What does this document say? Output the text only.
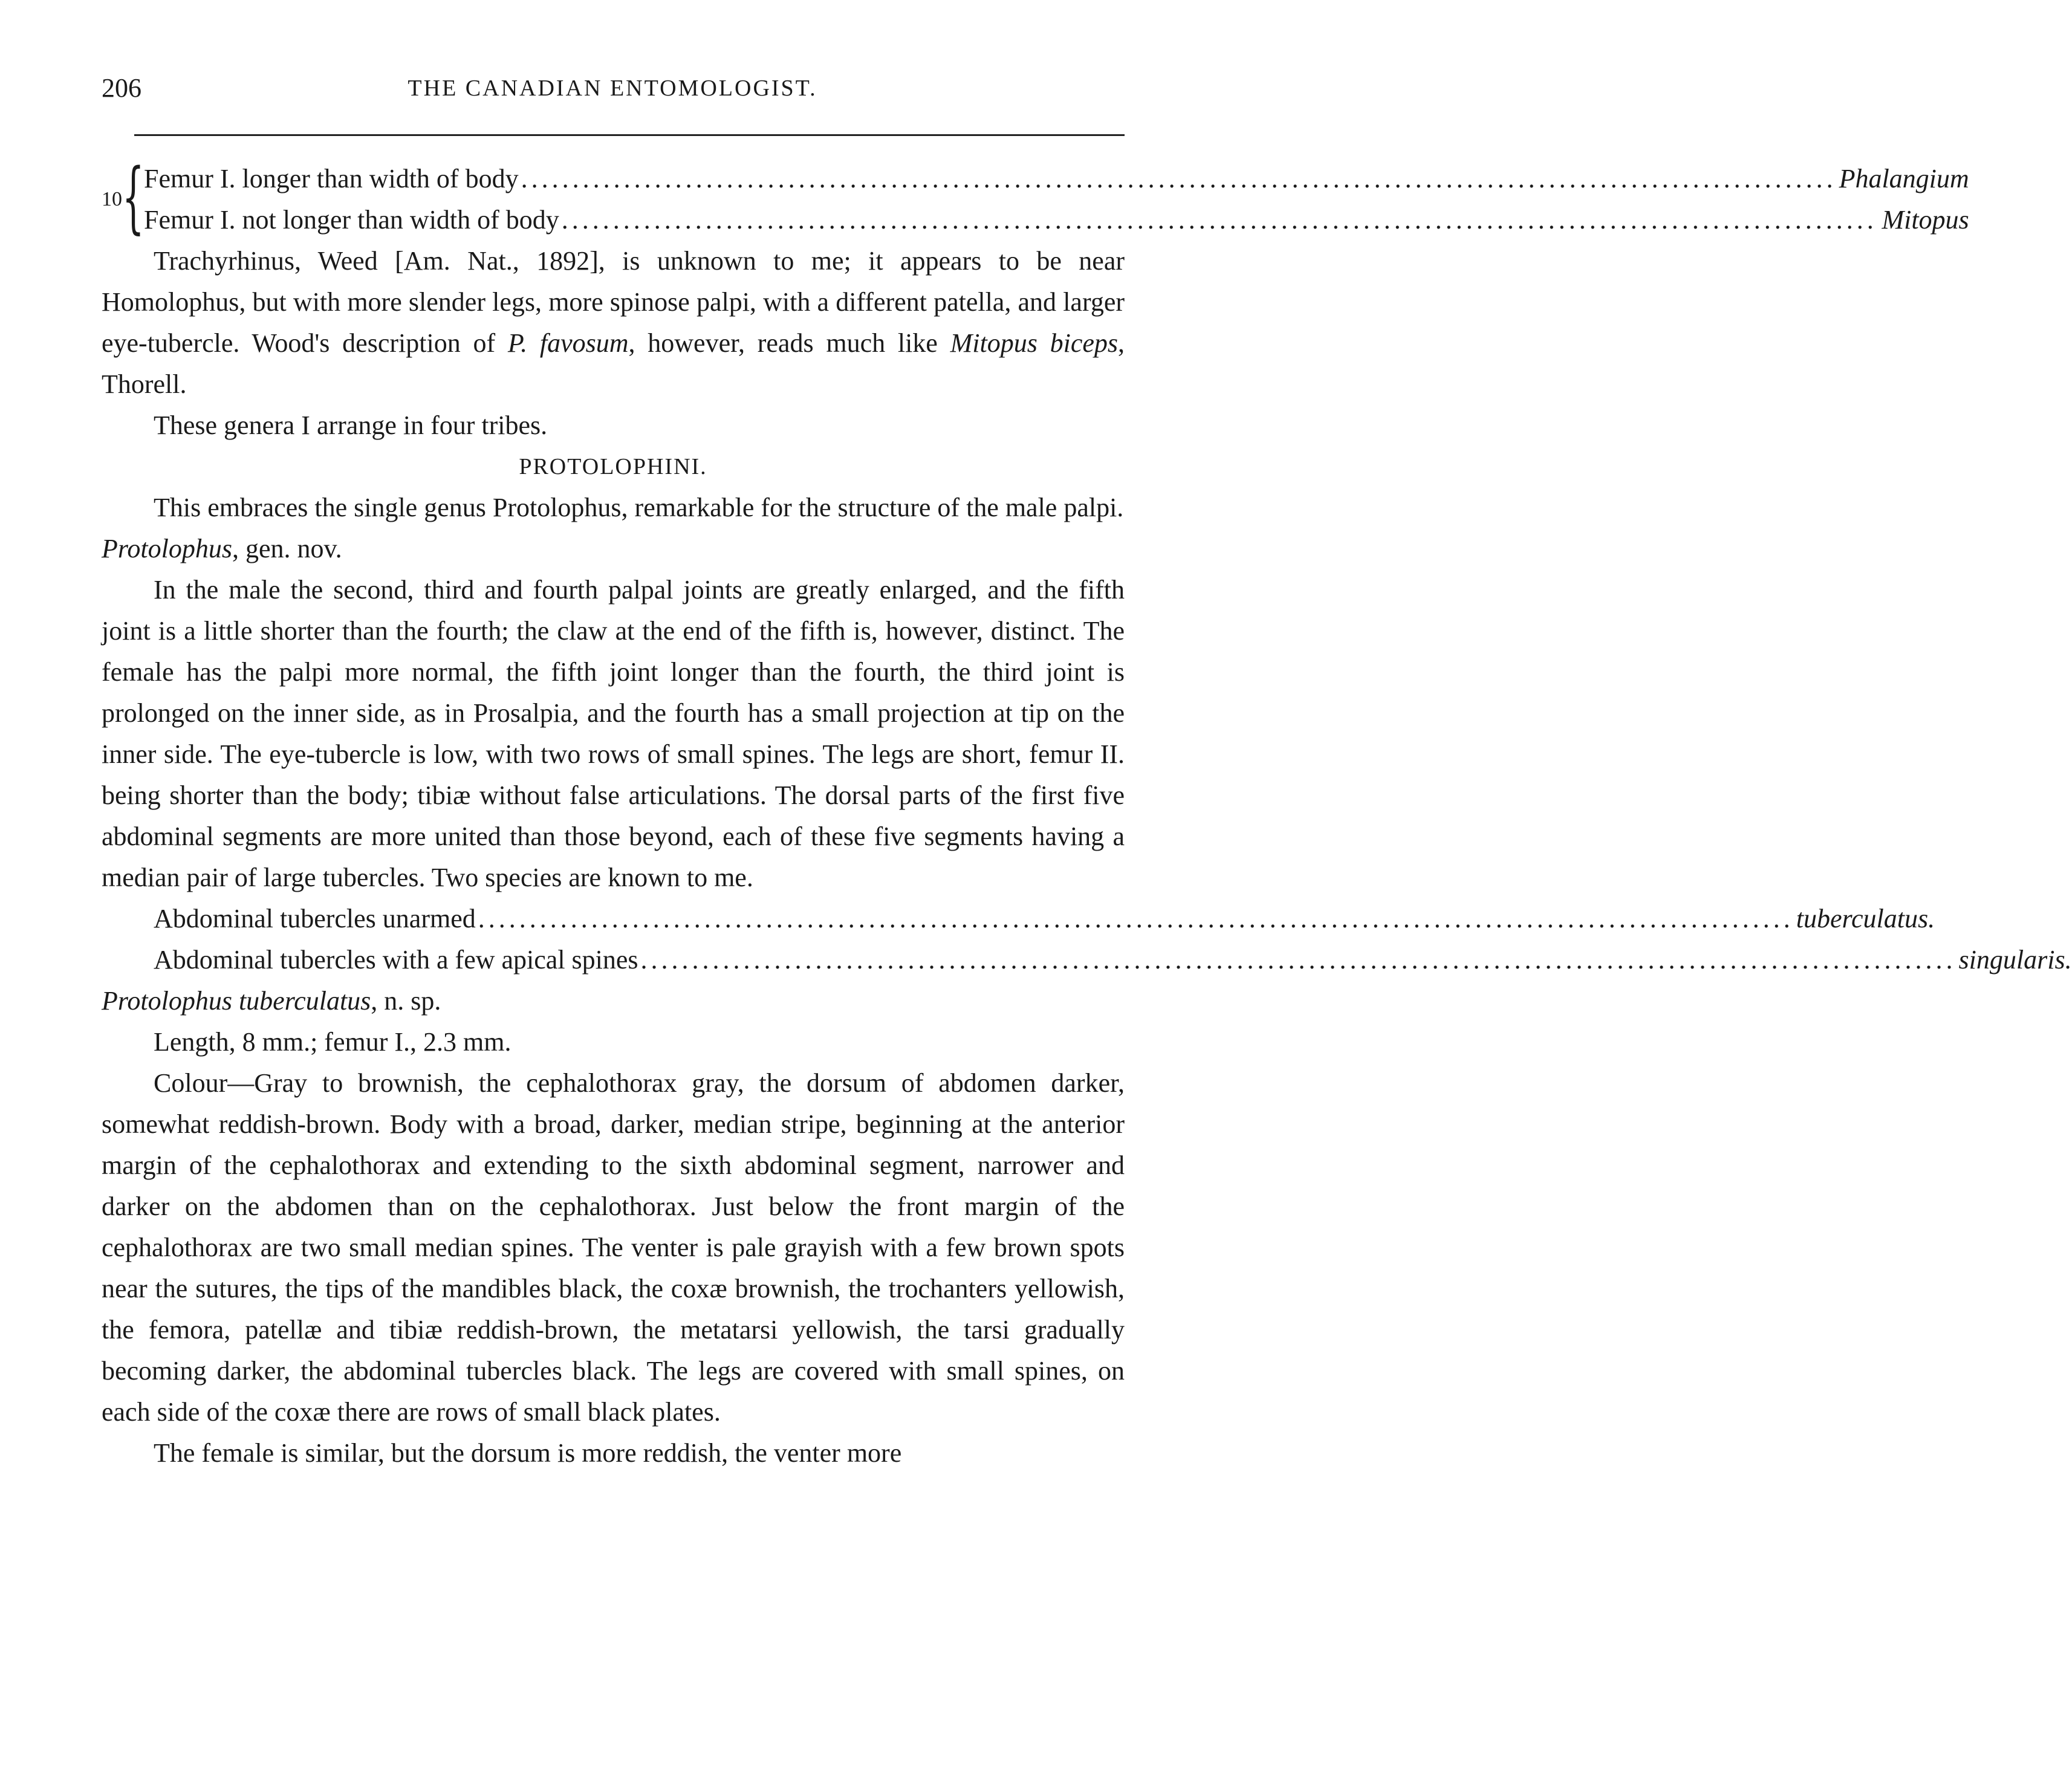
206	THE CANADIAN ENTOMOLOGIST.
10 { Femur I. longer than width of body .....	Phalangium
Femur I. not longer than width of body .....	Mitopus

Trachyrhinus, Weed [Am. Nat., 1892], is unknown to me; it appears to be near Homolophus, but with more slender legs, more spinose palpi, with a different patella, and larger eye-tubercle. Wood's description of P. favosum, however, reads much like Mitopus biceps, Thorell.

These genera I arrange in four tribes.

PROTOLOPHINI.

This embraces the single genus Protolophus, remarkable for the structure of the male palpi.

Protolophus, gen. nov.

In the male the second, third and fourth palpal joints are greatly enlarged, and the fifth joint is a little shorter than the fourth; the claw at the end of the fifth is, however, distinct. The female has the palpi more normal, the fifth joint longer than the fourth, the third joint is prolonged on the inner side, as in Prosalpia, and the fourth has a small projection at tip on the inner side. The eye-tubercle is low, with two rows of small spines. The legs are short, femur II. being shorter than the body; tibiæ without false articulations. The dorsal parts of the first five abdominal segments are more united than those beyond, each of these five segments having a median pair of large tubercles. Two species are known to me.

Abdominal tubercles unarmed .....	tuberculatus.
Abdominal tubercles with a few apical spines .....	singularis.

Protolophus tuberculatus, n. sp.

Length, 8 mm.; femur I., 2.3 mm.

Colour—Gray to brownish, the cephalothorax gray, the dorsum of abdomen darker, somewhat reddish-brown. Body with a broad, darker, median stripe, beginning at the anterior margin of the cephalothorax and extending to the sixth abdominal segment, narrower and darker on the abdomen than on the cephalothorax. Just below the front margin of the cephalothorax are two small median spines. The venter is pale grayish with a few brown spots near the sutures, the tips of the mandibles black, the coxæ brownish, the trochanters yellowish, the femora, patellæ and tibiæ reddish-brown, the metatarsi yellowish, the tarsi gradually becoming darker, the abdominal tubercles black. The legs are covered with small spines, on each side of the coxæ there are rows of small black plates.

The female is similar, but the dorsum is more reddish, the venter more
